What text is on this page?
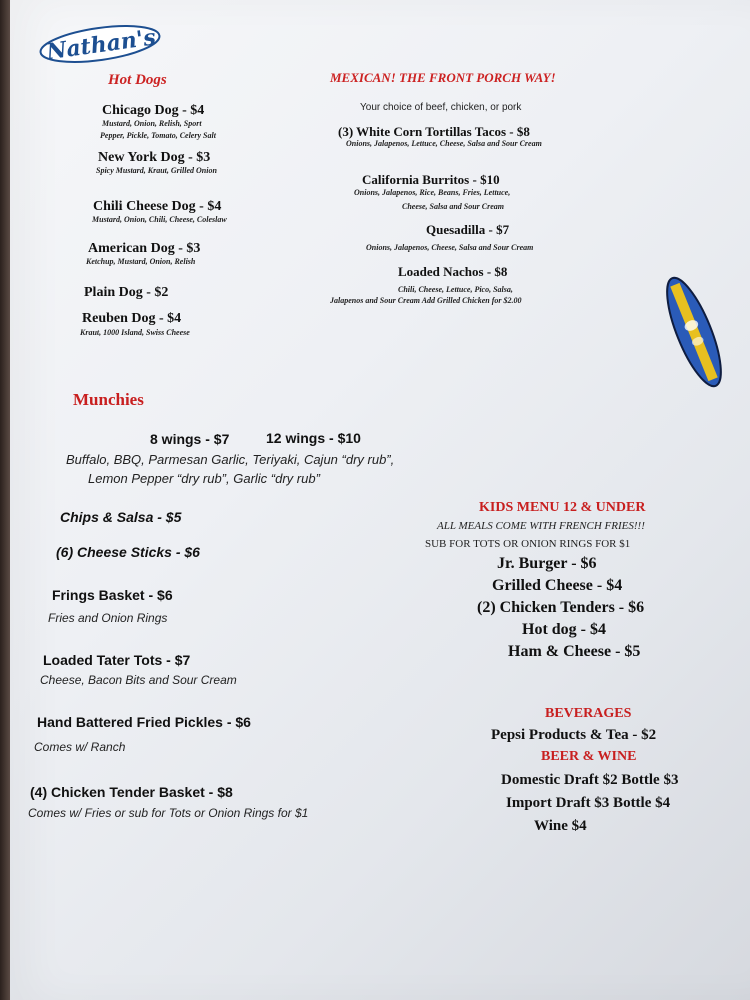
Nathan's
Hot Dogs
Chicago Dog - $4
Mustard, Onion, Relish, Sport
Pepper, Pickle, Tomato, Celery Salt
New York Dog - $3
Spicy Mustard, Kraut, Grilled Onion
Chili Cheese Dog - $4
Mustard, Onion, Chili, Cheese, Coleslaw
American Dog - $3
Ketchup, Mustard, Onion, Relish
Plain Dog - $2
Reuben Dog - $4
Kraut, 1000 Island, Swiss Cheese
MEXICAN! THE FRONT PORCH WAY!
Your choice of beef, chicken, or pork
(3) White Corn Tortillas Tacos - $8
Onions, Jalapenos, Lettuce, Cheese, Salsa and Sour Cream
California Burritos - $10
Onions, Jalapenos, Rice, Beans, Fries, Lettuce,
Cheese, Salsa and Sour Cream
Quesadilla - $7
Onions, Jalapenos, Cheese, Salsa and Sour Cream
Loaded Nachos - $8
Chili, Cheese, Lettuce, Pico, Salsa,
Jalapenos and Sour Cream Add Grilled Chicken for $2.00
Munchies
8 wings - $7	12 wings - $10
Buffalo, BBQ, Parmesan Garlic, Teriyaki, Cajun “dry rub”,
Lemon Pepper “dry rub”, Garlic “dry rub”
Chips & Salsa - $5
(6) Cheese Sticks - $6
Frings Basket - $6
Fries and Onion Rings
Loaded Tater Tots - $7
Cheese, Bacon Bits and Sour Cream
Hand Battered Fried Pickles - $6
Comes w/ Ranch
(4) Chicken Tender Basket - $8
Comes w/ Fries or sub for Tots or Onion Rings for $1
KIDS MENU 12 & UNDER
ALL MEALS COME WITH FRENCH FRIES!!!
SUB FOR TOTS OR ONION RINGS FOR $1
Jr. Burger - $6
Grilled Cheese - $4
(2) Chicken Tenders - $6
Hot dog - $4
Ham & Cheese - $5
BEVERAGES
Pepsi Products & Tea - $2
BEER & WINE
Domestic Draft $2 Bottle $3
Import Draft $3 Bottle $4
Wine $4
